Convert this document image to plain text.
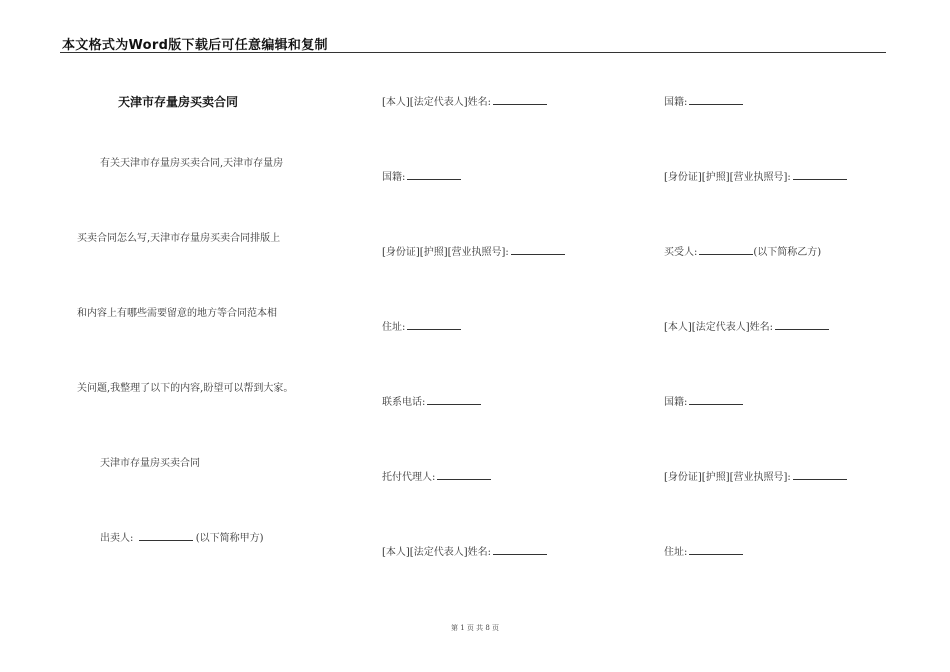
本文格式为Word版下载后可任意编辑和复制
天津市存量房买卖合同
有关天津市存量房买卖合同,天津市存量房
买卖合同怎么写,天津市存量房买卖合同排版上
和内容上有哪些需要留意的地方等合同范本相
关问题,我整理了以下的内容,盼望可以帮到大家。
天津市存量房买卖合同
出卖人:	(以下简称甲方)
[本人][法定代表人]姓名:
国籍:
[身份证][护照][营业执照号]:
住址:
联系电话:
托付代理人:
[本人][法定代表人]姓名:
国籍:
[身份证][护照][营业执照号]:
买受人:	(以下简称乙方)
[本人][法定代表人]姓名:
国籍:
[身份证][护照][营业执照号]:
住址:
第 1 页 共 8 页
